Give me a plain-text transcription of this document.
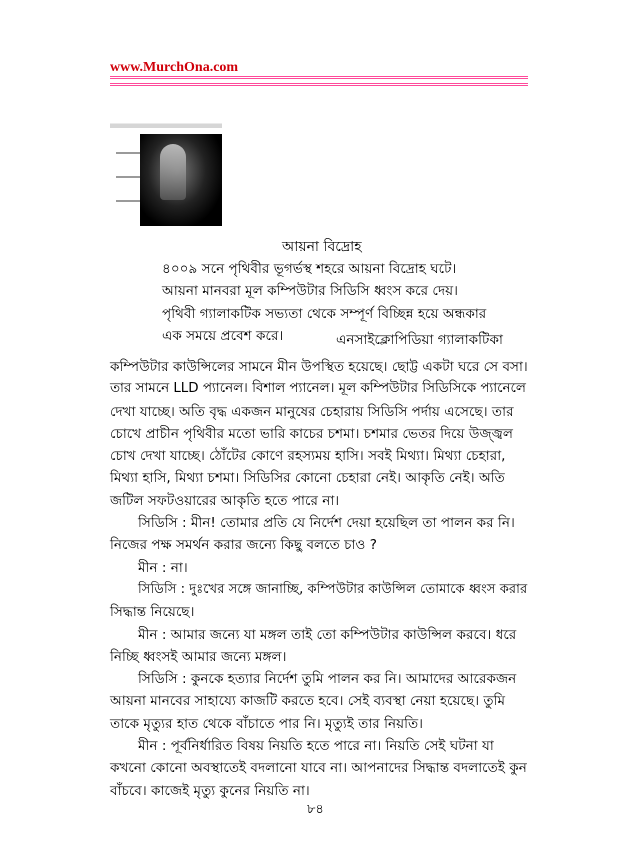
www.MurchOna.com
আয়না বিদ্রোহ
৪০০৯ সনে পৃথিবীর ভূগর্ভস্থ শহরে আয়না বিদ্রোহ ঘটে।
আয়না মানবরা মূল কম্পিউটার সিডিসি ধ্বংস করে দেয়।
পৃথিবী গ্যালাকটিক সভ্যতা থেকে সম্পূর্ণ বিচ্ছিন্ন হয়ে অন্ধকার
এক সময়ে প্রবেশ করে।	এনসাইক্লোপিডিয়া গ্যালাকটিকা
কম্পিউটার কাউন্সিলের সামনে মীন উপস্থিত হয়েছে। ছোট্ট একটা ঘরে সে বসা।
তার সামনে LLD প্যানেল। বিশাল প্যানেল। মূল কম্পিউটার সিডিসিকে প্যানেলে
দেখা যাচ্ছে। অতি বৃদ্ধ একজন মানুষের চেহারায় সিডিসি পর্দায় এসেছে। তার
চোখে প্রাচীন পৃথিবীর মতো ভারি কাচের চশমা। চশমার ভেতর দিয়ে উজ্জ্বল
চোখ দেখা যাচ্ছে। ঠোঁটের কোণে রহস্যময় হাসি। সবই মিথ্যা। মিথ্যা চেহারা,
মিথ্যা হাসি, মিথ্যা চশমা। সিডিসির কোনো চেহারা নেই। আকৃতি নেই। অতি
জটিল সফটওয়ারের আকৃতি হতে পারে না।
সিডিসি : মীন! তোমার প্রতি যে নির্দেশ দেয়া হয়েছিল তা পালন কর নি।
নিজের পক্ষ সমর্থন করার জন্যে কিছু বলতে চাও ?
মীন : না।
সিডিসি : দুঃখের সঙ্গে জানাচ্ছি, কম্পিউটার কাউন্সিল তোমাকে ধ্বংস করার
সিদ্ধান্ত নিয়েছে।
মীন : আমার জন্যে যা মঙ্গল তাই তো কম্পিউটার কাউন্সিল করবে। ধরে
নিচ্ছি ধ্বংসই আমার জন্যে মঙ্গল।
সিডিসি : কুনকে হত্যার নির্দেশ তুমি পালন কর নি। আমাদের আরেকজন
আয়না মানবের সাহায্যে কাজটি করতে হবে। সেই ব্যবস্থা নেয়া হয়েছে। তুমি
তাকে মৃত্যুর হাত থেকে বাঁচাতে পার নি। মৃত্যুই তার নিয়তি।
মীন : পূর্বনির্ধারিত বিষয় নিয়তি হতে পারে না। নিয়তি সেই ঘটনা যা
কখনো কোনো অবস্থাতেই বদলানো যাবে না। আপনাদের সিদ্ধান্ত বদলাতেই কুন
বাঁচবে। কাজেই মৃত্যু কুনের নিয়তি না।
৮৪
